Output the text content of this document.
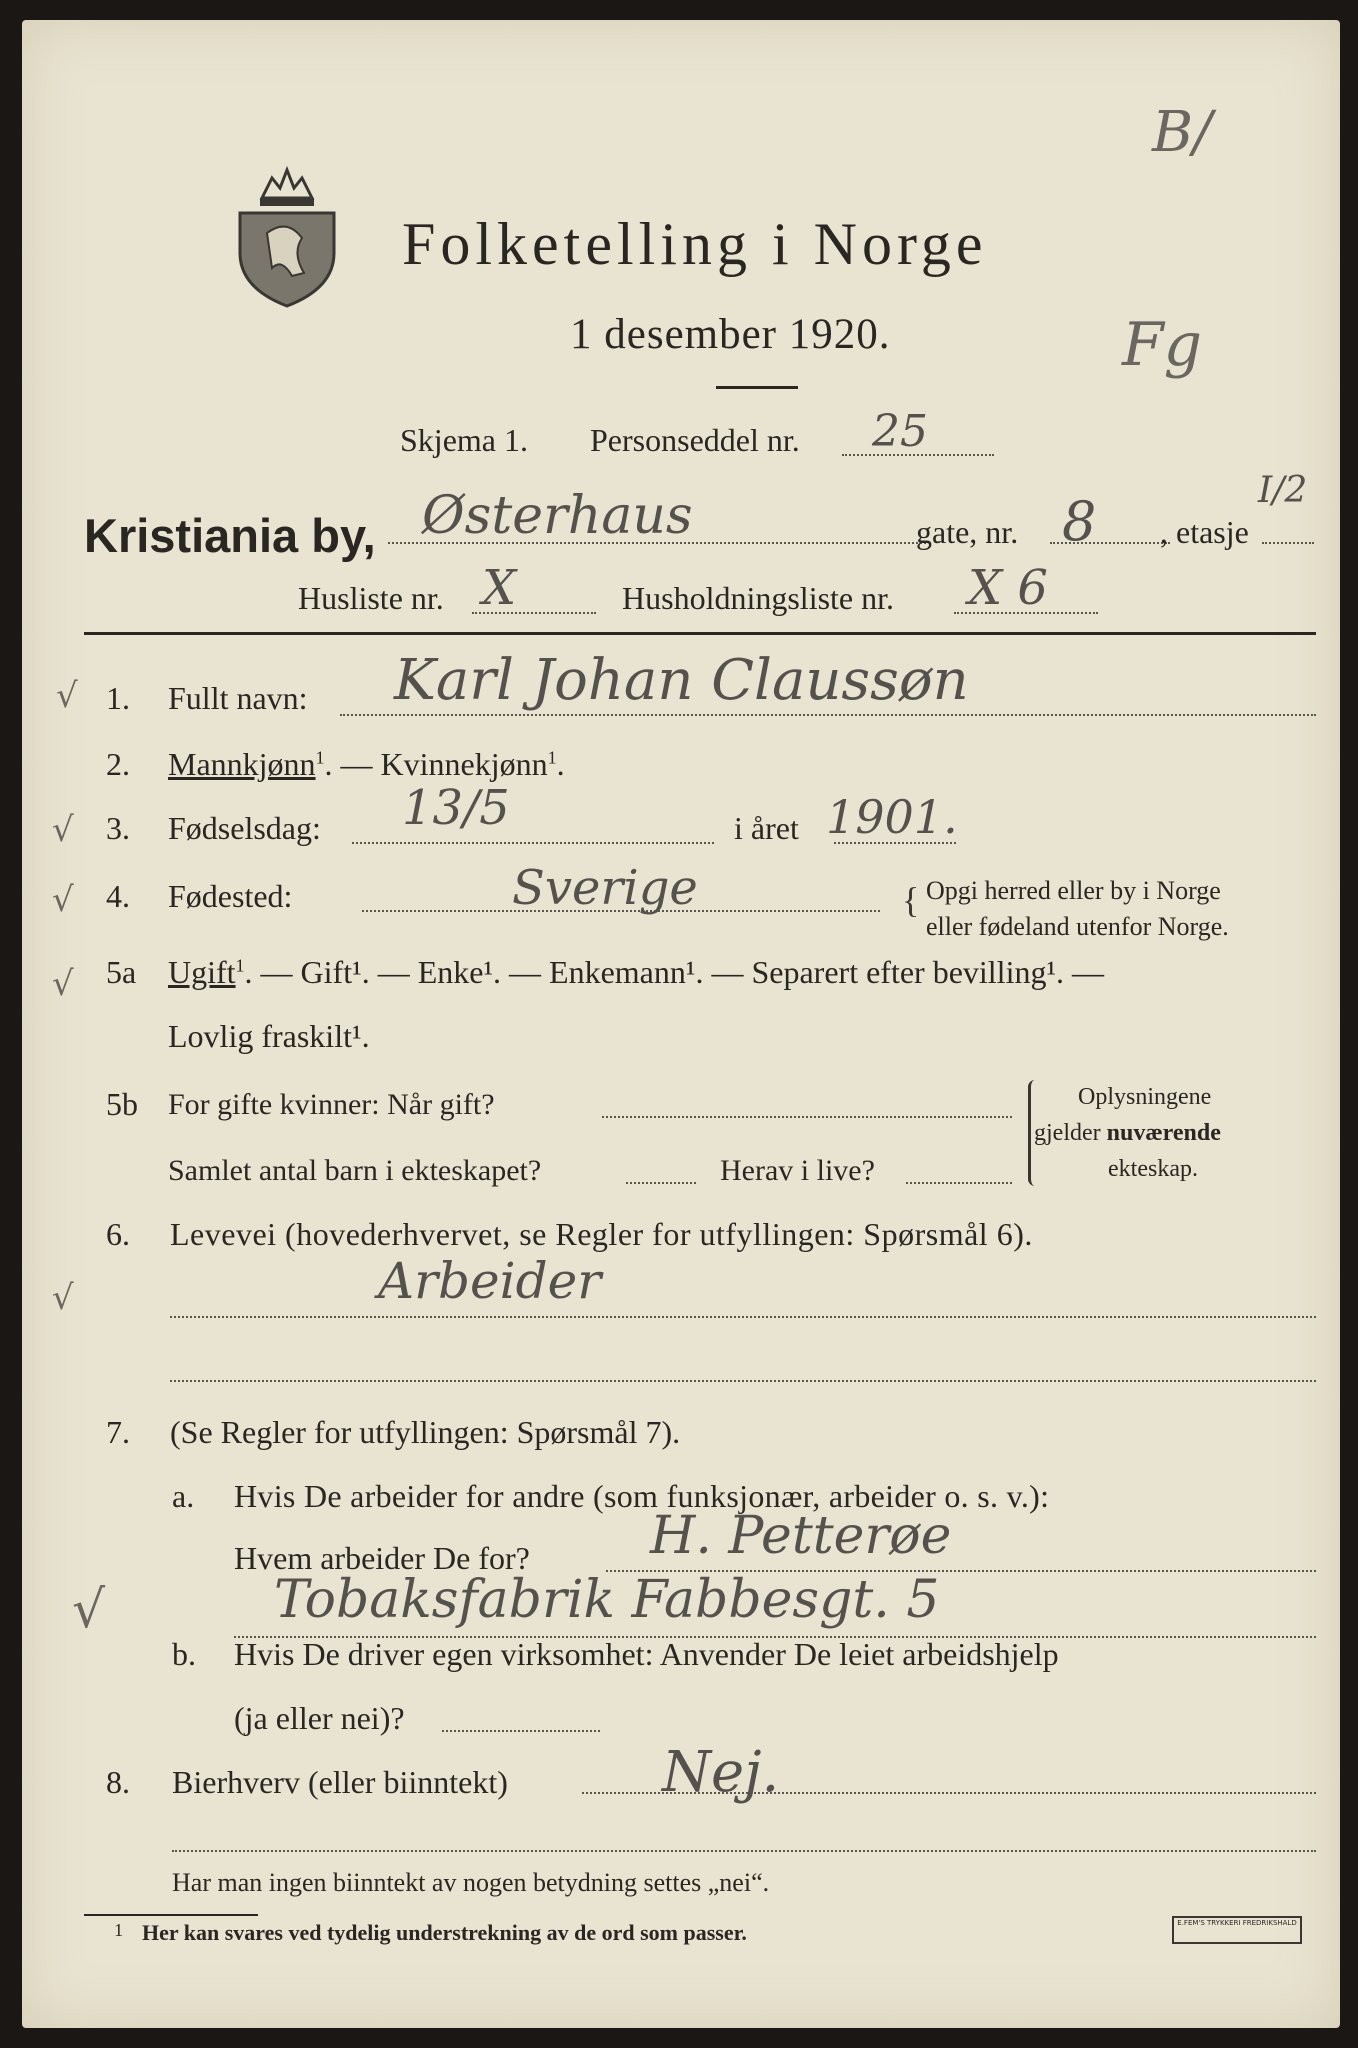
Folketelling i Norge
1 desember 1920.
B/
Fg
Skjema 1. Personseddel nr. 25
Kristiania by, Østerhaus	gate, nr. 8 , etasje
I/2
Husliste nr. X	Husholdningsliste nr. X 6
√
√
√
√
√
√
1. Fullt navn: Karl Johan Claussøn
2. Mannkjønn$^1$. — Kvinnekjønn$^1$.
3. Fødselsdag: 13/5	i året 1901.
4. Fødested:	Sverige	{ Opgi herred eller by i Norge
eller fødeland utenfor Norge.
5a Ugift$^1$. — Gift¹. — Enke¹. — Enkemann¹. — Separert efter bevilling¹. —
Lovlig fraskilt¹.
5b For gifte kvinner: Når gift?
Samlet antal barn i ekteskapet?	Herav i live?
Oplysningene
gjelder nuværende
ekteskap.
6. Levevei (hovederhvervet, se Regler for utfyllingen: Spørsmål 6).
Arbeider
7. (Se Regler for utfyllingen: Spørsmål 7).
a. Hvis De arbeider for andre (som funksjonær, arbeider o. s. v.):
Hvem arbeider De for? H. Petterøe
Tobaksfabrik Fabbesgt. 5
b. Hvis De driver egen virksomhet: Anvender De leiet arbeidshjelp
(ja eller nei)?
8. Bierhverv (eller biinntekt)	Nej.
Har man ingen biinntekt av nogen betydning settes „nei“.
$^1$ Her kan svares ved tydelig understrekning av de ord som passer.	E.FEM'S TRYKKERI FREDRIKSHALD
